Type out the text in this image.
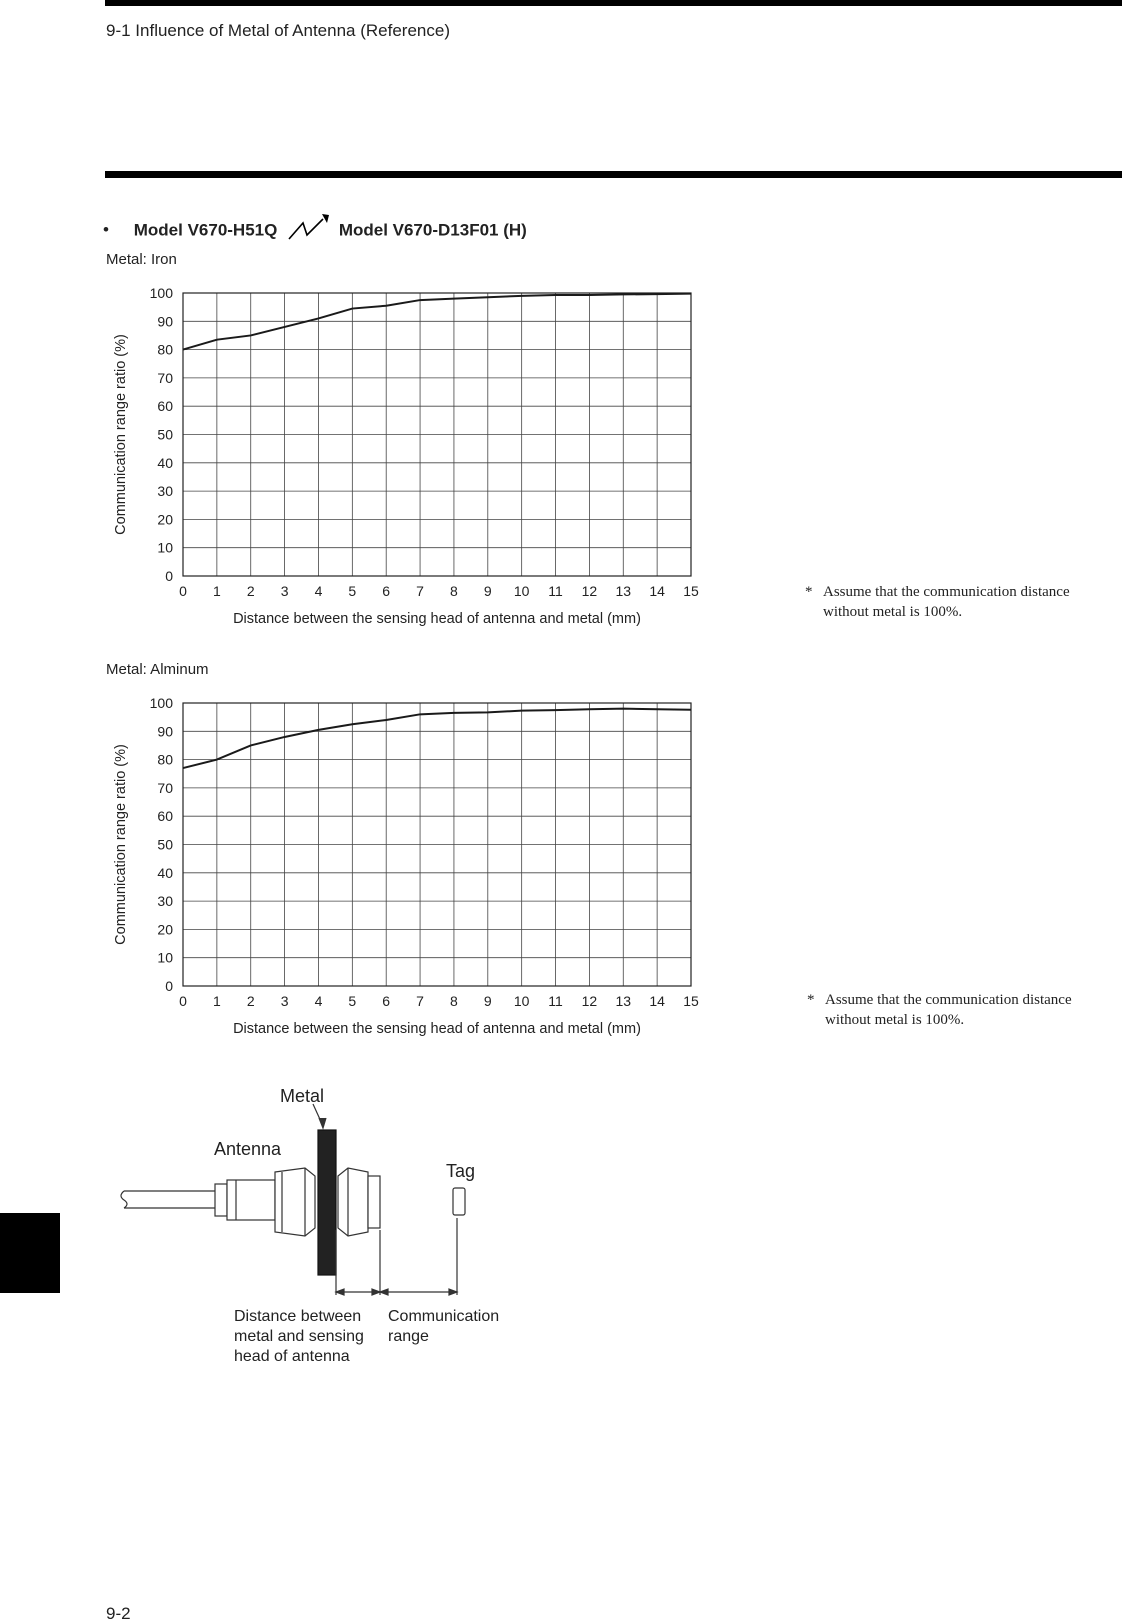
9-1 Influence of Metal of Antenna (Reference)
• Model V670-H51Q	Model V670-D13F01 (H)
Metal: Iron
0 1 2 3 4 5 6 7 8 9 10 11 12 13 14 15
0
10
20
30
40
50
60
70
80
90
100
Distance between the sensing head of antenna and metal (mm)
Communication range ratio (%)
* Assume that the communication distance
without metal is 100%.
Metal: Alminum
0 1 2 3 4 5 6 7 8 9 10 11 12 13 14 15
0
10
20
30
40
50
60
70
80
90
100
Distance between the sensing head of antenna and metal (mm)
Communication range ratio (%)
* Assume that the communication distance
without metal is 100%.
Metal
Antenna
Tag
Distance between
metal and sensing
head of antenna
Communication
range
9-2
